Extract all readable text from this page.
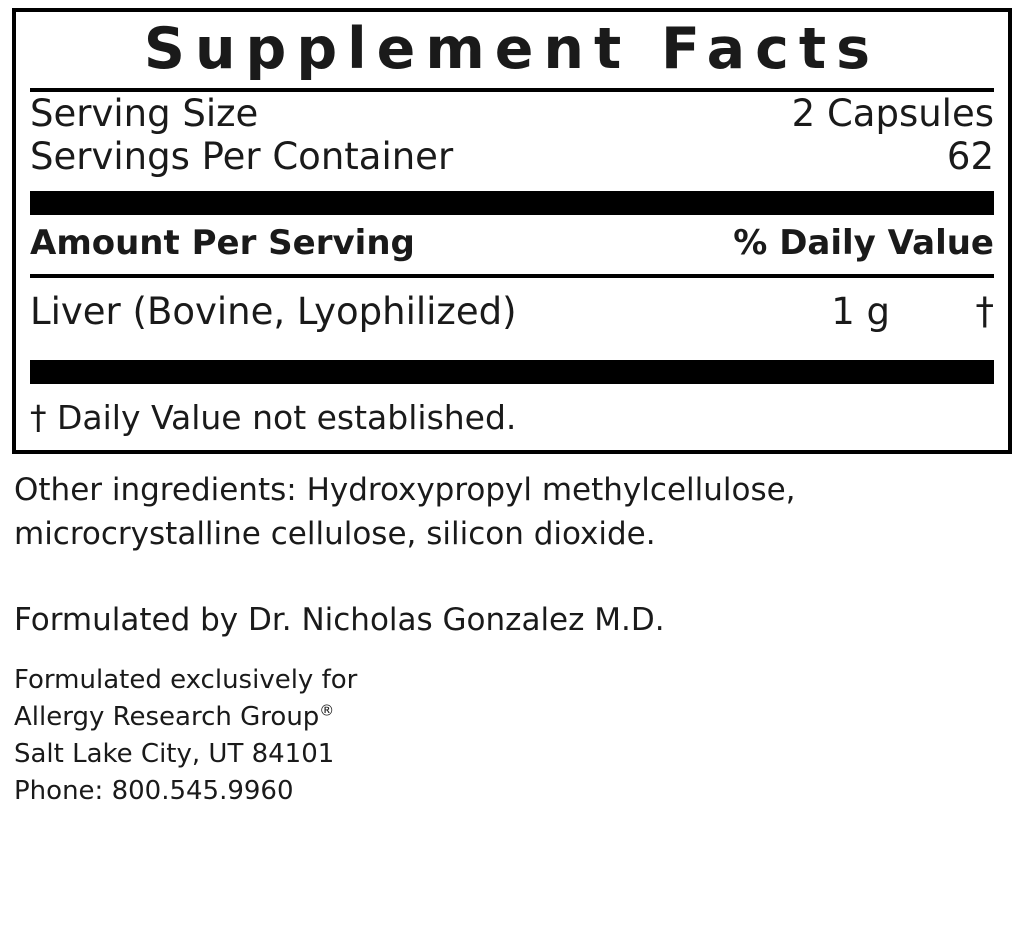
Supplement Facts
Serving Size	2 Capsules
Servings Per Container	62
Amount Per Serving	% Daily Value
Liver (Bovine, Lyophilized)	1 g	†
† Daily Value not established.
Other ingredients: Hydroxypropyl methylcellulose, microcrystalline cellulose, silicon dioxide.
Formulated by Dr. Nicholas Gonzalez M.D.
Formulated exclusively for
Allergy Research Group®
Salt Lake City, UT 84101
Phone: 800.545.9960
